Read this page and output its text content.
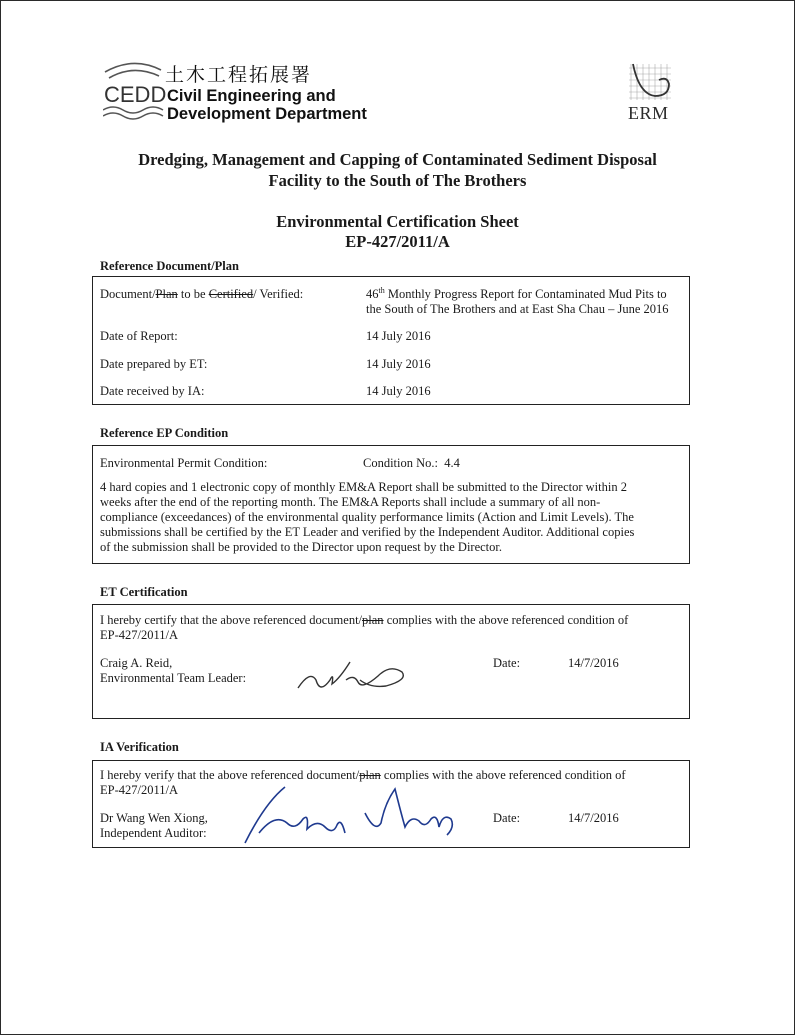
土木工程拓展署
CEDD Civil Engineering and
Development Department	ERM
Dredging, Management and Capping of Contaminated Sediment Disposal
Facility to the South of The Brothers
Environmental Certification Sheet
EP-427/2011/A
Reference Document/Plan
Document/Plan to be Certified/ Verified:	46th Monthly Progress Report for Contaminated Mud Pits to
the South of The Brothers and at East Sha Chau – June 2016
Date of Report:	14 July 2016
Date prepared by ET:	14 July 2016
Date received by IA:	14 July 2016
Reference EP Condition
Environmental Permit Condition:	Condition No.: 4.4
4 hard copies and 1 electronic copy of monthly EM&A Report shall be submitted to the Director within 2
weeks after the end of the reporting month. The EM&A Reports shall include a summary of all non-
compliance (exceedances) of the environmental quality performance limits (Action and Limit Levels). The
submissions shall be certified by the ET Leader and verified by the Independent Auditor. Additional copies
of the submission shall be provided to the Director upon request by the Director.
ET Certification
I hereby certify that the above referenced document/plan complies with the above referenced condition of
EP-427/2011/A
Craig A. Reid,
Environmental Team Leader:
Date:	14/7/2016
IA Verification
I hereby verify that the above referenced document/plan complies with the above referenced condition of
EP-427/2011/A
Dr Wang Wen Xiong,
Independent Auditor:
Date:	14/7/2016
